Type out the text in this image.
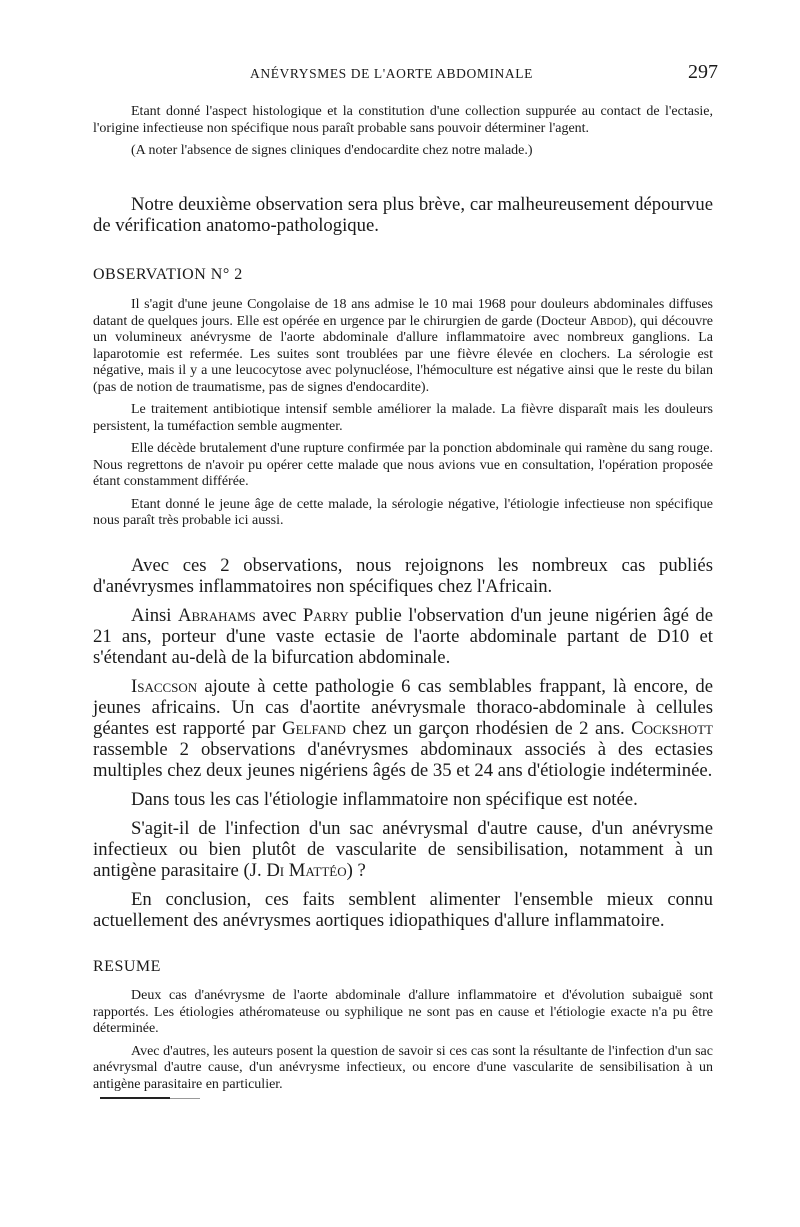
ANÉVRYSMES DE L'AORTE ABDOMINALE	297

Etant donné l'aspect histologique et la constitution d'une collection suppurée au contact de l'ectasie, l'origine infectieuse non spécifique nous paraît probable sans pouvoir déterminer l'agent.

(A noter l'absence de signes cliniques d'endocardite chez notre malade.)

Notre deuxième observation sera plus brève, car malheureusement dépourvue de vérification anatomo-pathologique.

OBSERVATION N° 2

Il s'agit d'une jeune Congolaise de 18 ans admise le 10 mai 1968 pour douleurs abdominales diffuses datant de quelques jours. Elle est opérée en urgence par le chirurgien de garde (Docteur Abdod), qui découvre un volumineux anévrysme de l'aorte abdominale d'allure inflammatoire avec nombreux ganglions. La laparotomie est refermée. Les suites sont troublées par une fièvre élevée en clochers. La sérologie est négative, mais il y a une leucocytose avec polynucléose, l'hémoculture est négative ainsi que le reste du bilan (pas de notion de traumatisme, pas de signes d'endocardite).

Le traitement antibiotique intensif semble améliorer la malade. La fièvre disparaît mais les douleurs persistent, la tuméfaction semble augmenter.

Elle décède brutalement d'une rupture confirmée par la ponction abdominale qui ramène du sang rouge. Nous regrettons de n'avoir pu opérer cette malade que nous avions vue en consultation, l'opération proposée étant constamment différée.

Etant donné le jeune âge de cette malade, la sérologie négative, l'étiologie infectieuse non spécifique nous paraît très probable ici aussi.

Avec ces 2 observations, nous rejoignons les nombreux cas publiés d'anévrysmes inflammatoires non spécifiques chez l'Africain.

Ainsi Abrahams avec Parry publie l'observation d'un jeune nigérien âgé de 21 ans, porteur d'une vaste ectasie de l'aorte abdominale partant de D10 et s'étendant au-delà de la bifurcation abdominale.

Isaccson ajoute à cette pathologie 6 cas semblables frappant, là encore, de jeunes africains. Un cas d'aortite anévrysmale thoraco-abdominale à cellules géantes est rapporté par Gelfand chez un garçon rhodésien de 2 ans. Cockshott rassemble 2 observations d'anévrysmes abdominaux associés à des ectasies multiples chez deux jeunes nigériens âgés de 35 et 24 ans d'étiologie indéterminée.

Dans tous les cas l'étiologie inflammatoire non spécifique est notée.

S'agit-il de l'infection d'un sac anévrysmal d'autre cause, d'un anévrysme infectieux ou bien plutôt de vascularite de sensibilisation, notamment à un antigène parasitaire (J. Di Mattéo) ?

En conclusion, ces faits semblent alimenter l'ensemble mieux connu actuellement des anévrysmes aortiques idiopathiques d'allure inflammatoire.

RESUME

Deux cas d'anévrysme de l'aorte abdominale d'allure inflammatoire et d'évolution subaiguë sont rapportés. Les étiologies athéromateuse ou syphilique ne sont pas en cause et l'étiologie exacte n'a pu être déterminée.

Avec d'autres, les auteurs posent la question de savoir si ces cas sont la résultante de l'infection d'un sac anévrysmal d'autre cause, d'un anévrysme infectieux, ou encore d'une vascularite de sensibilisation à un antigène parasitaire en particulier.
